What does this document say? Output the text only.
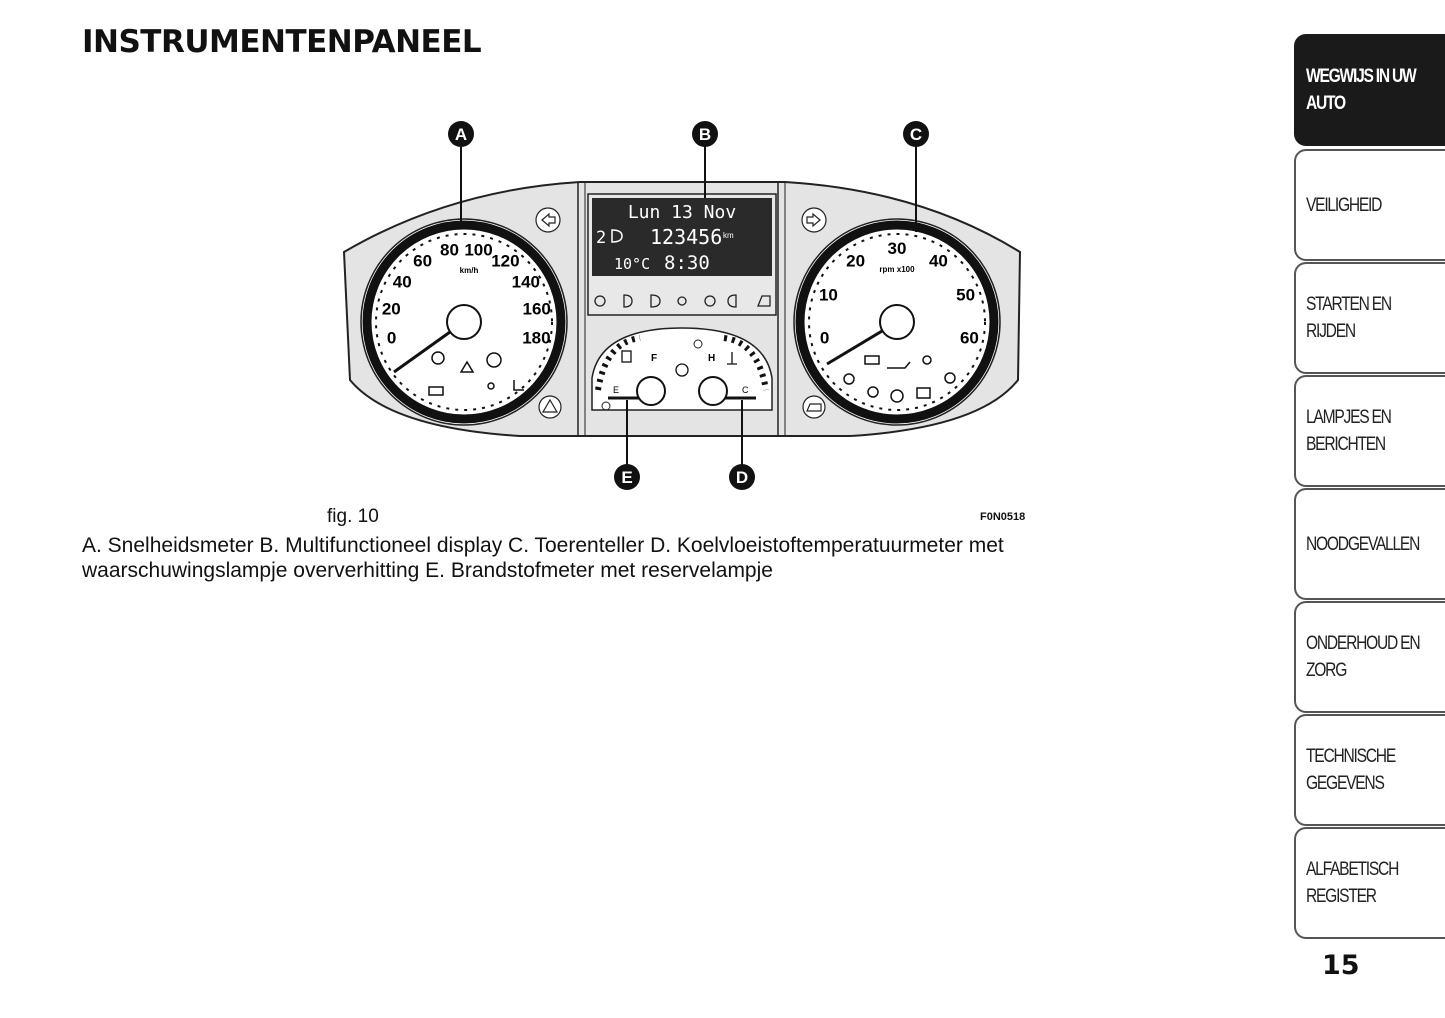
INSTRUMENTENPANEEL
0
20
40
60
80 100
120
140
160
180
km/h
0
10
20
30
40
50
60
rpm x100
Lun 13 Nov
2 123456 km
10°C 8:30
F
E
H
C
A	B	C
D
E
fig. 10	F0N0518
A. Snelheidsmeter B. Multifunctioneel display C. Toerenteller D. Koelvloeistoftemperatuurmeter met waarschuwingslampje oververhitting E. Brandstofmeter met reservelampje
WEGWIJS IN UW AUTO
VEILIGHEID
STARTEN EN RIJDEN
LAMPJES EN BERICHTEN
NOODGEVALLEN
ONDERHOUD EN ZORG
TECHNISCHE GEGEVENS
ALFABETISCH REGISTER
15
